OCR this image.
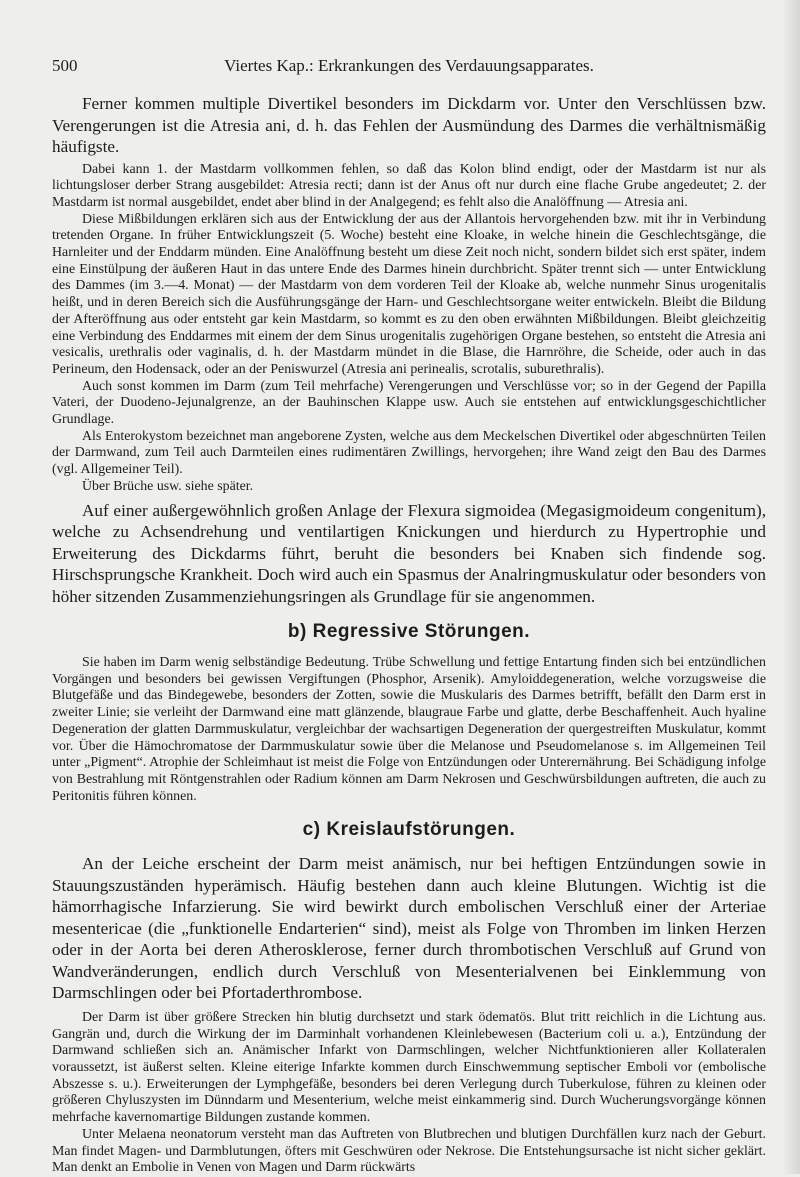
500	Viertes Kap.: Erkrankungen des Verdauungsapparates.

Ferner kommen multiple Divertikel besonders im Dickdarm vor. Unter den Verschlüssen bzw. Verengerungen ist die Atresia ani, d. h. das Fehlen der Ausmündung des Darmes die verhältnismäßig häufigste.

Dabei kann 1. der Mastdarm vollkommen fehlen, so daß das Kolon blind endigt, oder der Mastdarm ist nur als lichtungsloser derber Strang ausgebildet: Atresia recti; dann ist der Anus oft nur durch eine flache Grube angedeutet; 2. der Mastdarm ist normal ausgebildet, endet aber blind in der Analgegend; es fehlt also die Analöffnung — Atresia ani.

Diese Mißbildungen erklären sich aus der Entwicklung der aus der Allantois hervorgehenden bzw. mit ihr in Verbindung tretenden Organe. In früher Entwicklungszeit (5. Woche) besteht eine Kloake, in welche hinein die Geschlechtsgänge, die Harnleiter und der Enddarm münden. Eine Analöffnung besteht um diese Zeit noch nicht, sondern bildet sich erst später, indem eine Einstülpung der äußeren Haut in das untere Ende des Darmes hinein durchbricht. Später trennt sich — unter Entwicklung des Dammes (im 3.—4. Monat) — der Mastdarm von dem vorderen Teil der Kloake ab, welche nunmehr Sinus urogenitalis heißt, und in deren Bereich sich die Ausführungsgänge der Harn- und Geschlechtsorgane weiter entwickeln. Bleibt die Bildung der Afteröffnung aus oder entsteht gar kein Mastdarm, so kommt es zu den oben erwähnten Mißbildungen. Bleibt gleichzeitig eine Verbindung des Enddarmes mit einem der dem Sinus urogenitalis zugehörigen Organe bestehen, so entsteht die Atresia ani vesicalis, urethralis oder vaginalis, d. h. der Mastdarm mündet in die Blase, die Harnröhre, die Scheide, oder auch in das Perineum, den Hodensack, oder an der Peniswurzel (Atresia ani perinealis, scrotalis, suburethralis).

Auch sonst kommen im Darm (zum Teil mehrfache) Verengerungen und Verschlüsse vor; so in der Gegend der Papilla Vateri, der Duodeno-Jejunalgrenze, an der Bauhinschen Klappe usw. Auch sie entstehen auf entwicklungsgeschichtlicher Grundlage.

Als Enterokystom bezeichnet man angeborene Zysten, welche aus dem Meckelschen Divertikel oder abgeschnürten Teilen der Darmwand, zum Teil auch Darmteilen eines rudimentären Zwillings, hervorgehen; ihre Wand zeigt den Bau des Darmes (vgl. Allgemeiner Teil).

Über Brüche usw. siehe später.

Auf einer außergewöhnlich großen Anlage der Flexura sigmoidea (Megasigmoideum congenitum), welche zu Achsendrehung und ventilartigen Knickungen und hierdurch zu Hypertrophie und Erweiterung des Dickdarms führt, beruht die besonders bei Knaben sich findende sog. Hirschsprungsche Krankheit. Doch wird auch ein Spasmus der Analringmuskulatur oder besonders von höher sitzenden Zusammenziehungsringen als Grundlage für sie angenommen.

b) Regressive Störungen.

Sie haben im Darm wenig selbständige Bedeutung. Trübe Schwellung und fettige Entartung finden sich bei entzündlichen Vorgängen und besonders bei gewissen Vergiftungen (Phosphor, Arsenik). Amyloiddegeneration, welche vorzugsweise die Blutgefäße und das Bindegewebe, besonders der Zotten, sowie die Muskularis des Darmes betrifft, befällt den Darm erst in zweiter Linie; sie verleiht der Darmwand eine matt glänzende, blaugraue Farbe und glatte, derbe Beschaffenheit. Auch hyaline Degeneration der glatten Darmmuskulatur, vergleichbar der wachsartigen Degeneration der quergestreiften Muskulatur, kommt vor. Über die Hämochromatose der Darmmuskulatur sowie über die Melanose und Pseudomelanose s. im Allgemeinen Teil unter „Pigment“. Atrophie der Schleimhaut ist meist die Folge von Entzündungen oder Unterernährung. Bei Schädigung infolge von Bestrahlung mit Röntgenstrahlen oder Radium können am Darm Nekrosen und Geschwürsbildungen auftreten, die auch zu Peritonitis führen können.

c) Kreislaufstörungen.

An der Leiche erscheint der Darm meist anämisch, nur bei heftigen Entzündungen sowie in Stauungszuständen hyperämisch. Häufig bestehen dann auch kleine Blutungen. Wichtig ist die hämorrhagische Infarzierung. Sie wird bewirkt durch embolischen Verschluß einer der Arteriae mesentericae (die „funktionelle Endarterien“ sind), meist als Folge von Thromben im linken Herzen oder in der Aorta bei deren Atherosklerose, ferner durch thrombotischen Verschluß auf Grund von Wandveränderungen, endlich durch Verschluß von Mesenterialvenen bei Einklemmung von Darmschlingen oder bei Pfortaderthrombose.

Der Darm ist über größere Strecken hin blutig durchsetzt und stark ödematös. Blut tritt reichlich in die Lichtung aus. Gangrän und, durch die Wirkung der im Darminhalt vorhandenen Kleinlebewesen (Bacterium coli u. a.), Entzündung der Darmwand schließen sich an. Anämischer Infarkt von Darmschlingen, welcher Nichtfunktionieren aller Kollateralen voraussetzt, ist äußerst selten. Kleine eiterige Infarkte kommen durch Einschwemmung septischer Emboli vor (embolische Abszesse s. u.). Erweiterungen der Lymphgefäße, besonders bei deren Verlegung durch Tuberkulose, führen zu kleinen oder größeren Chyluszysten im Dünndarm und Mesenterium, welche meist einkammerig sind. Durch Wucherungsvorgänge können mehrfache kavernomartige Bildungen zustande kommen.

Unter Melaena neonatorum versteht man das Auftreten von Blutbrechen und blutigen Durchfällen kurz nach der Geburt. Man findet Magen- und Darmblutungen, öfters mit Geschwüren oder Nekrose. Die Entstehungsursache ist nicht sicher geklärt. Man denkt an Embolie in Venen von Magen und Darm rückwärts
